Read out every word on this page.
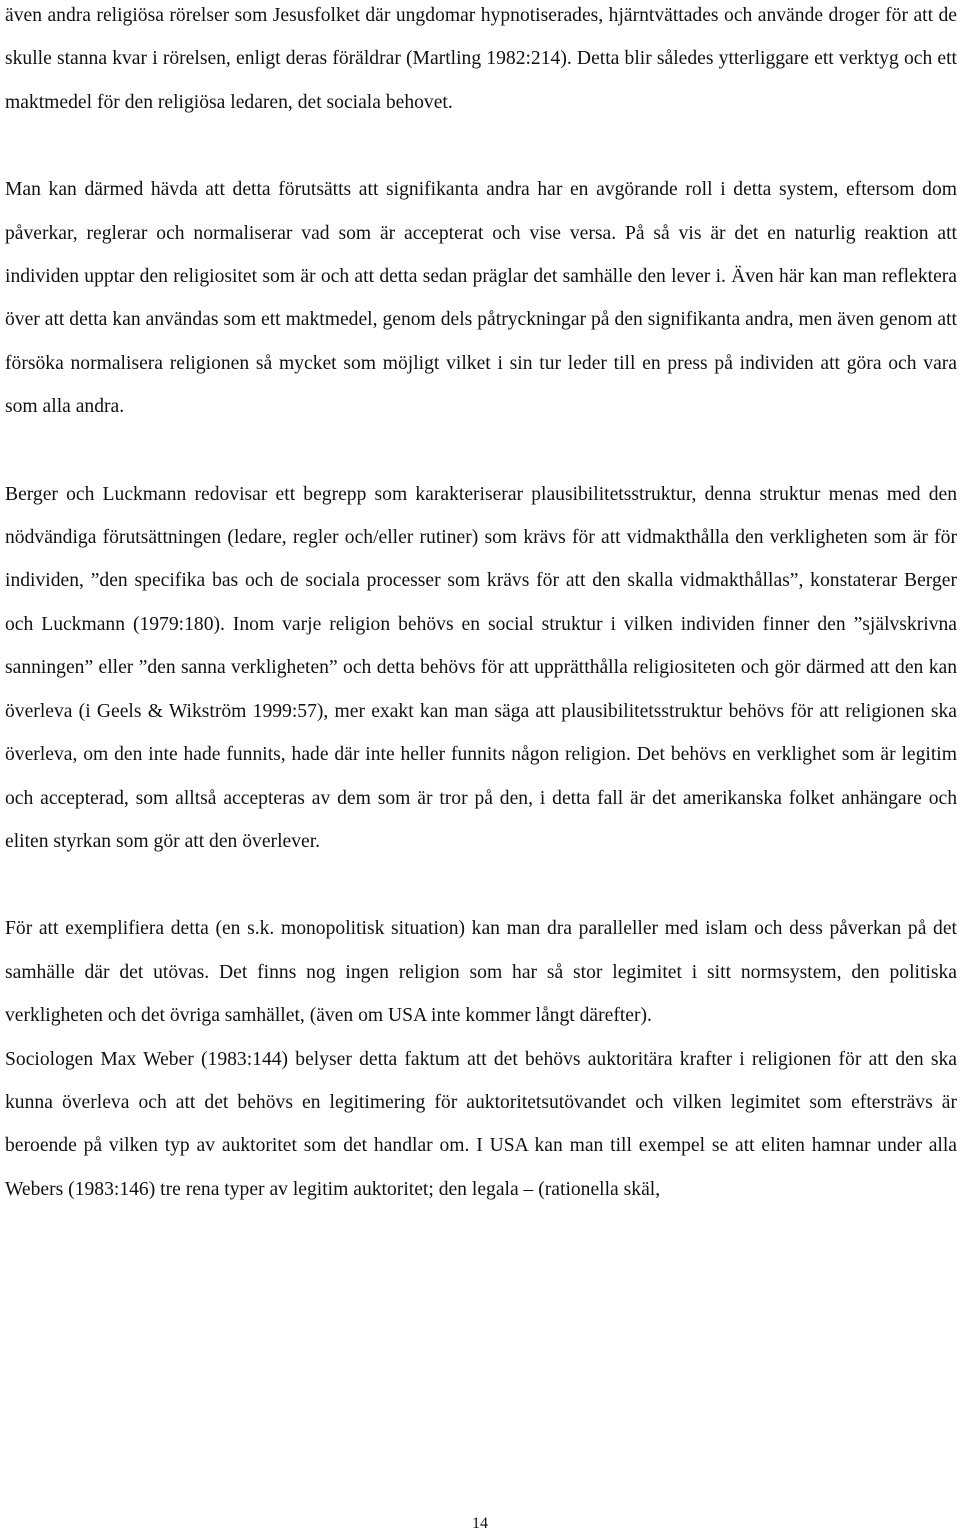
även andra religiösa rörelser som Jesusfolket där ungdomar hypnotiserades, hjärntvättades och använde droger för att de skulle stanna kvar i rörelsen, enligt deras föräldrar (Martling 1982:214). Detta blir således ytterliggare ett verktyg och ett maktmedel för den religiösa ledaren, det sociala behovet.

Man kan därmed hävda att detta förutsätts att signifikanta andra har en avgörande roll i detta system, eftersom dom påverkar, reglerar och normaliserar vad som är accepterat och vise versa. På så vis är det en naturlig reaktion att individen upptar den religiositet som är och att detta sedan präglar det samhälle den lever i. Även här kan man reflektera över att detta kan användas som ett maktmedel, genom dels påtryckningar på den signifikanta andra, men även genom att försöka normalisera religionen så mycket som möjligt vilket i sin tur leder till en press på individen att göra och vara som alla andra.

Berger och Luckmann redovisar ett begrepp som karakteriserar plausibilitetsstruktur, denna struktur menas med den nödvändiga förutsättningen (ledare, regler och/eller rutiner) som krävs för att vidmakthålla den verkligheten som är för individen, ”den specifika bas och de sociala processer som krävs för att den skalla vidmakthållas”, konstaterar Berger och Luckmann (1979:180). Inom varje religion behövs en social struktur i vilken individen finner den ”självskrivna sanningen” eller ”den sanna verkligheten” och detta behövs för att upprätthålla religiositeten och gör därmed att den kan överleva (i Geels & Wikström 1999:57), mer exakt kan man säga att plausibilitetsstruktur behövs för att religionen ska överleva, om den inte hade funnits, hade där inte heller funnits någon religion. Det behövs en verklighet som är legitim och accepterad, som alltså accepteras av dem som är tror på den, i detta fall är det amerikanska folket anhängare och eliten styrkan som gör att den överlever.

För att exemplifiera detta (en s.k. monopolitisk situation) kan man dra paralleller med islam och dess påverkan på det samhälle där det utövas. Det finns nog ingen religion som har så stor legimitet i sitt normsystem, den politiska verkligheten och det övriga samhället, (även om USA inte kommer långt därefter).

Sociologen Max Weber (1983:144) belyser detta faktum att det behövs auktoritära krafter i religionen för att den ska kunna överleva och att det behövs en legitimering för auktoritetsutövandet och vilken legimitet som eftersträvs är beroende på vilken typ av auktoritet som det handlar om. I USA kan man till exempel se att eliten hamnar under alla Webers (1983:146) tre rena typer av legitim auktoritet; den legala – (rationella skäl,

14
